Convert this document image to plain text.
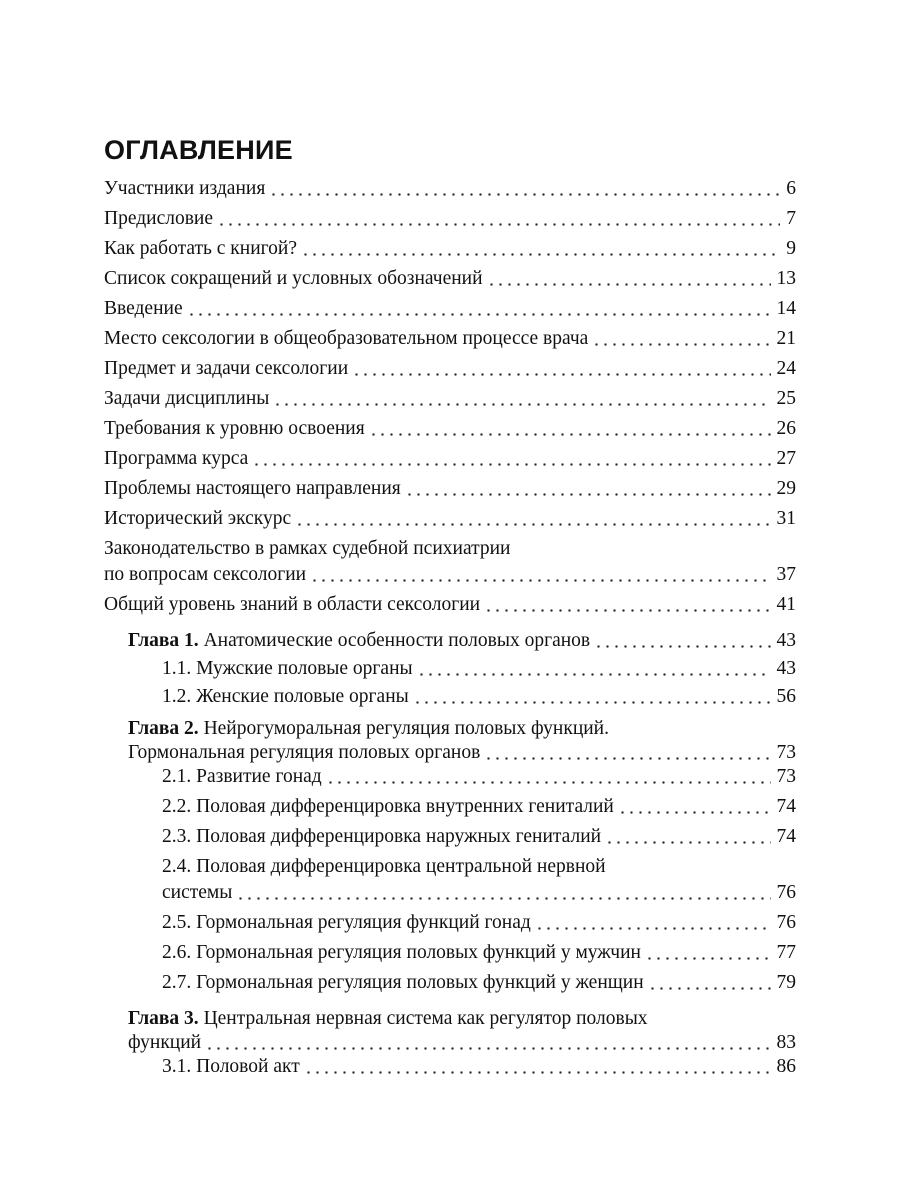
ОГЛАВЛЕНИЕ
Участники издания	6
Предисловие	7
Как работать с книгой?	9
Список сокращений и условных обозначений	13
Введение	14
Место сексологии в общеобразовательном процессе врача	21
Предмет и задачи сексологии	24
Задачи дисциплины	25
Требования к уровню освоения	26
Программа курса	27
Проблемы настоящего направления	29
Исторический экскурс	31
Законодательство в рамках судебной психиатрии
по вопросам сексологии	37
Общий уровень знаний в области сексологии	41
Глава 1. Анатомические особенности половых органов	43
1.1. Мужские половые органы	43
1.2. Женские половые органы	56
Глава 2. Нейрогуморальная регуляция половых функций.
Гормональная регуляция половых органов	73
2.1. Развитие гонад	73
2.2. Половая дифференцировка внутренних гениталий	74
2.3. Половая дифференцировка наружных гениталий	74
2.4. Половая дифференцировка центральной нервной
системы	76
2.5. Гормональная регуляция функций гонад	76
2.6. Гормональная регуляция половых функций у мужчин	77
2.7. Гормональная регуляция половых функций у женщин	79
Глава 3. Центральная нервная система как регулятор половых
функций	83
3.1. Половой акт	86
